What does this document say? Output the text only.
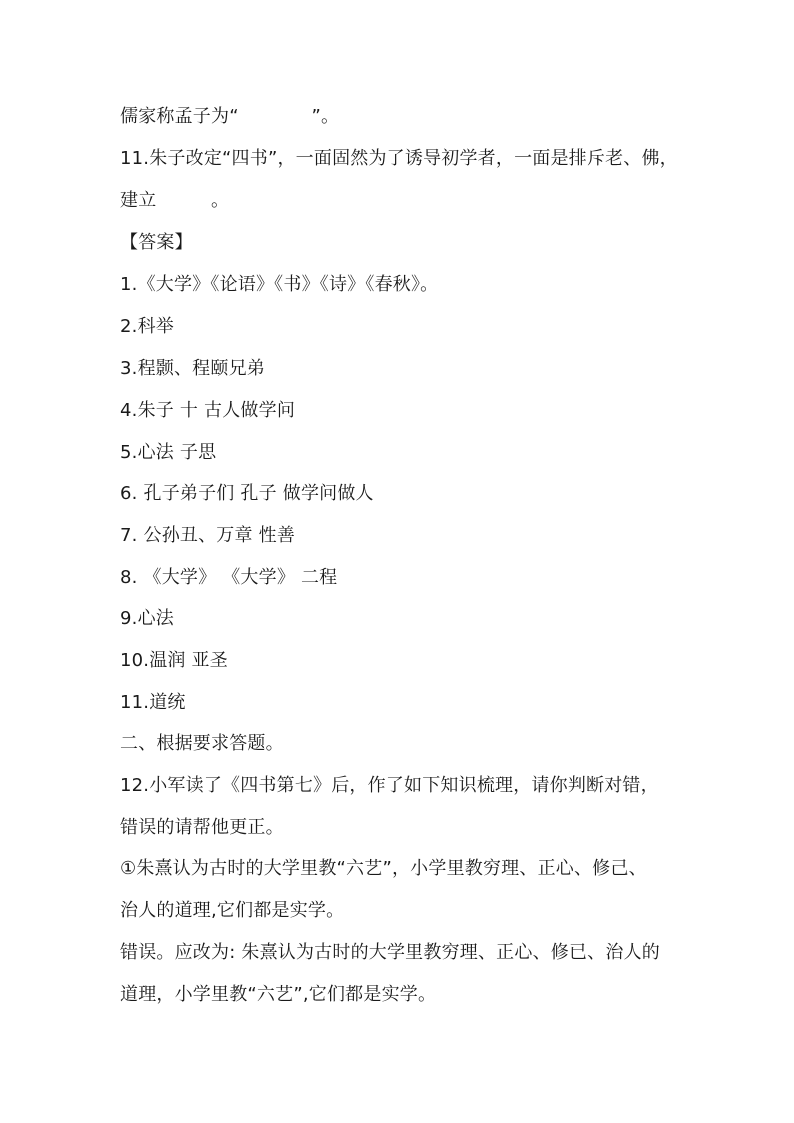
儒家称孟子为“　　　　”。
11.朱子改定“四书”，一面固然为了诱导初学者，一面是排斥老、佛，
建立　　　。
【答案】
1.《大学》《论语》《书》《诗》《春秋》。
2.科举
3.程颢、程颐兄弟
4.朱子 十 古人做学问
5.心法 子思
6. 孔子弟子们 孔子 做学问做人
7. 公孙丑、万章 性善
8. 《大学》 《大学》 二程
9.心法
10.温润 亚圣
11.道统
二、根据要求答题。
12.小军读了《四书第七》后，作了如下知识梳理，请你判断对错，
错误的请帮他更正。
①朱熹认为古时的大学里教“六艺”，小学里教穷理、正心、修己、
治人的道理,它们都是实学。
错误。应改为: 朱熹认为古时的大学里教穷理、正心、修已、治人的
道理，小学里教“六艺”,它们都是实学。
